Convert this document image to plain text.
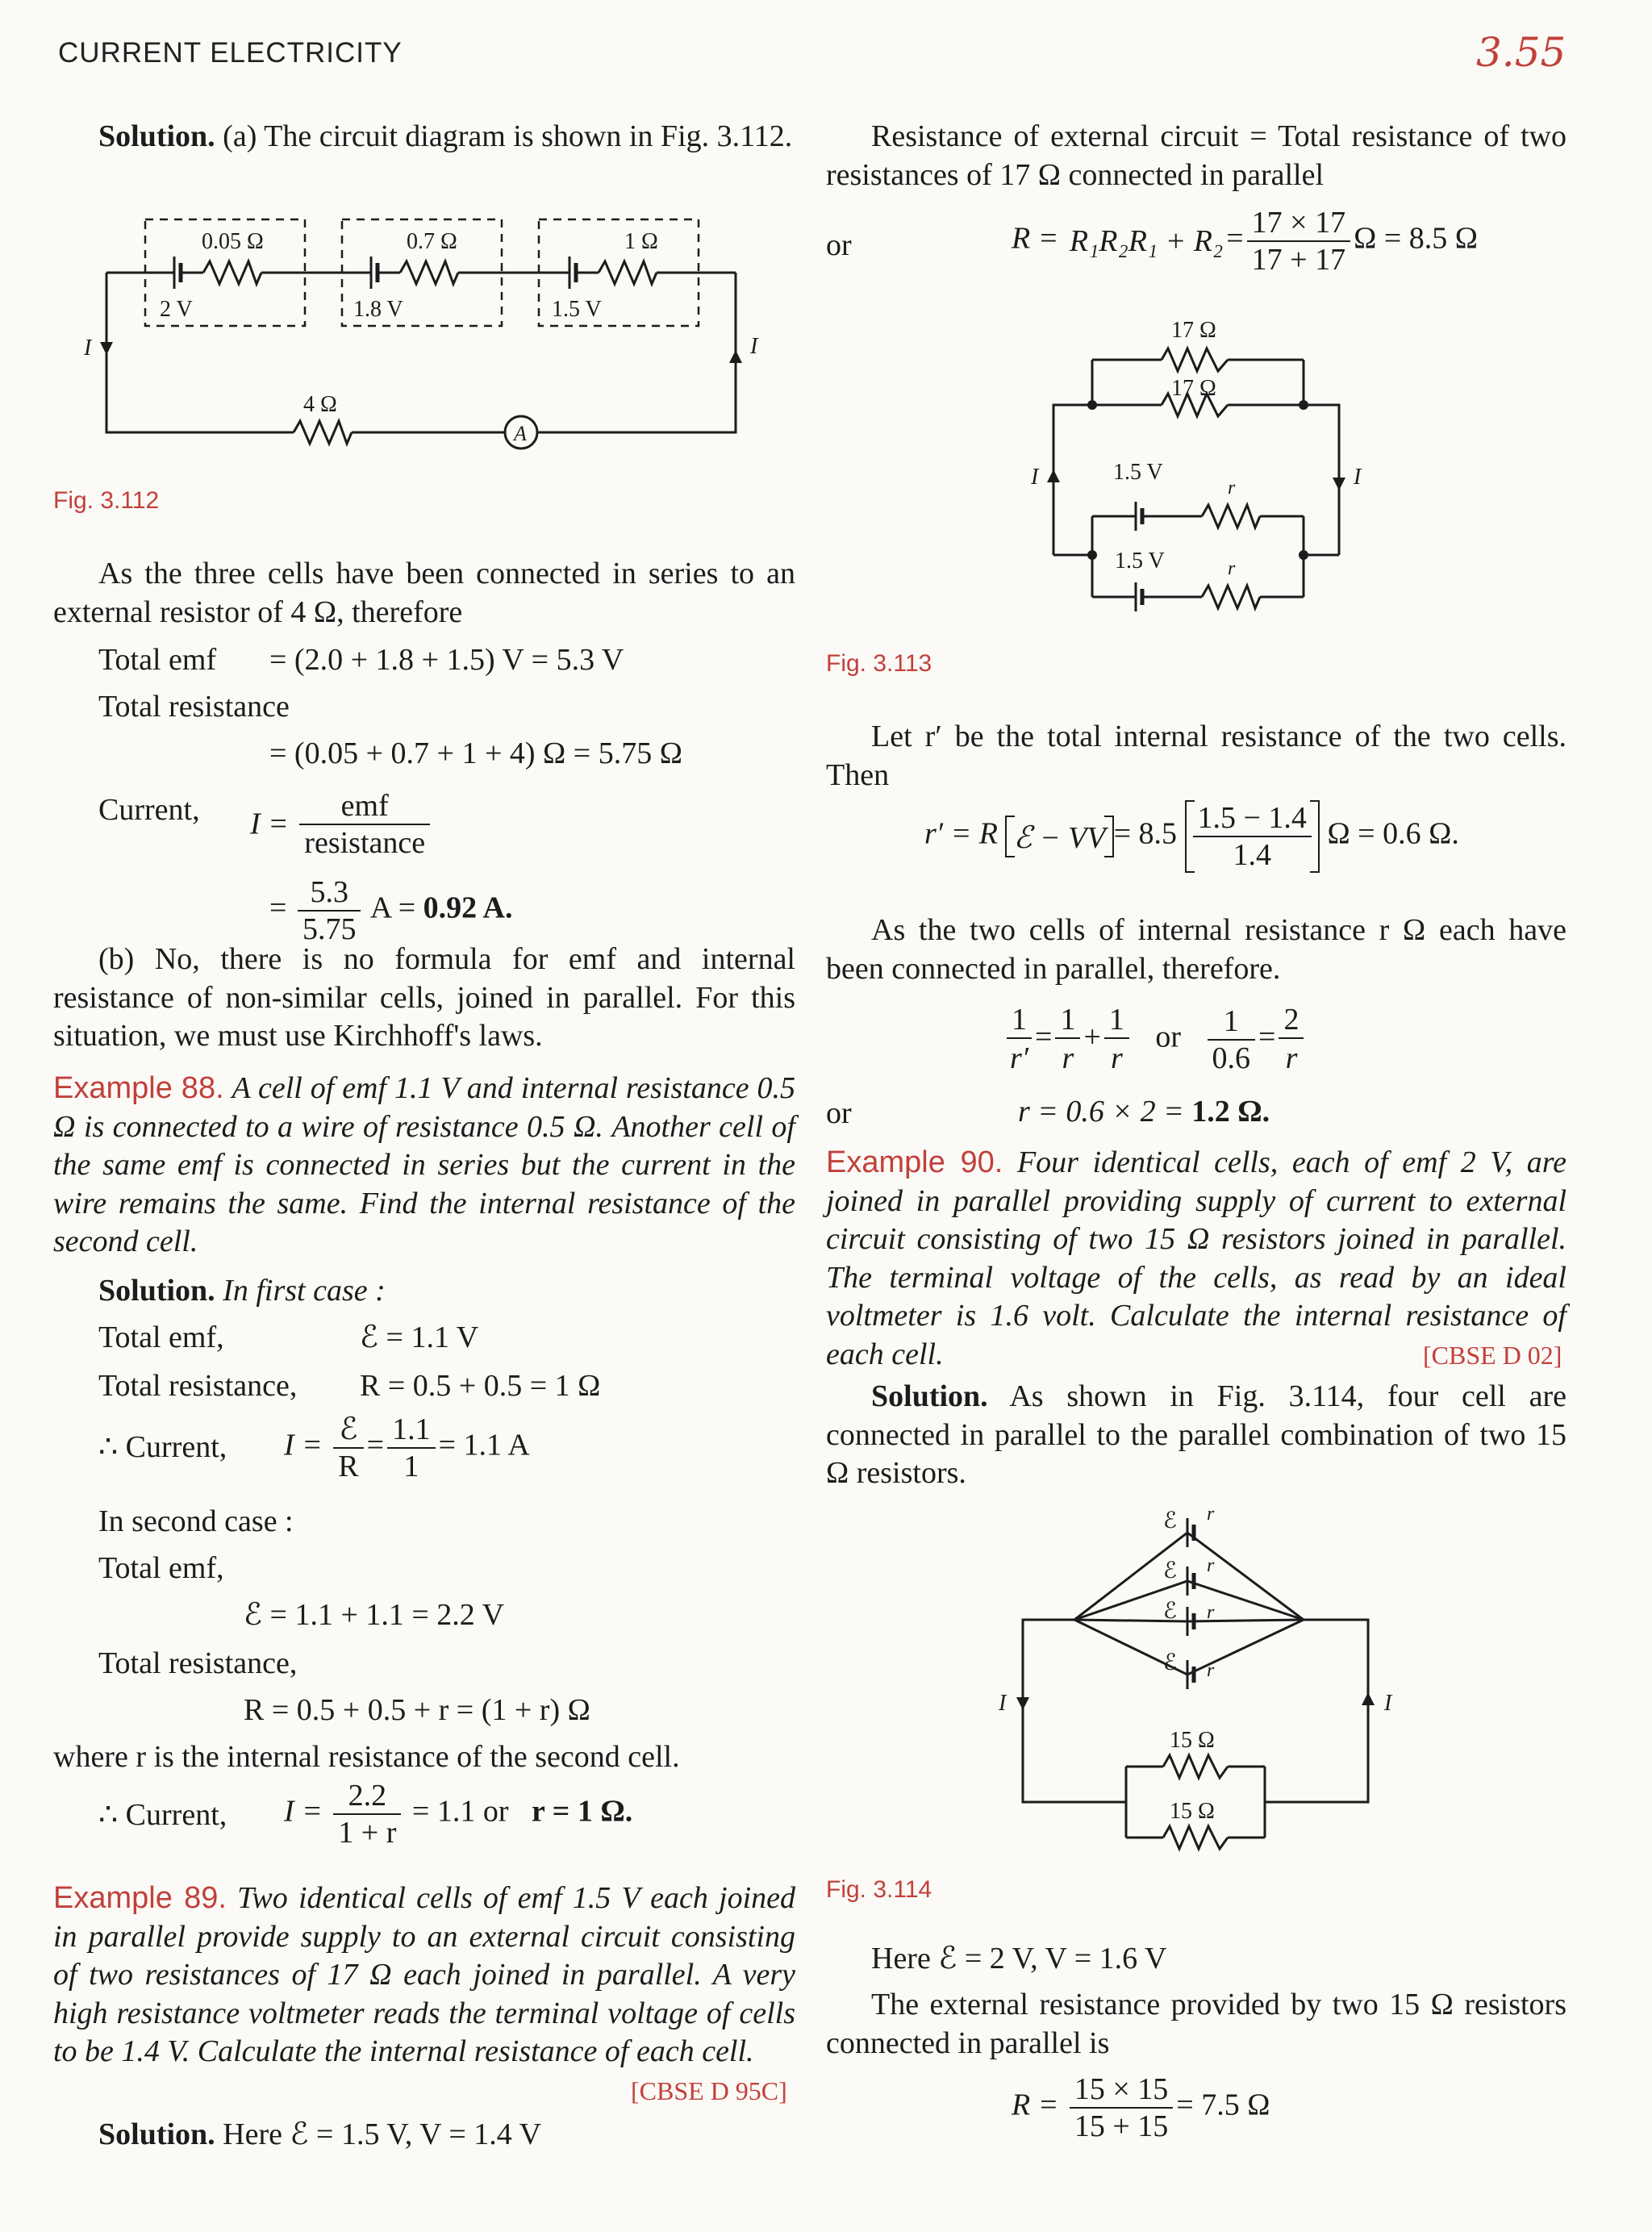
CURRENT ELECTRICITY	3.55
Solution. (a) The circuit diagram is shown in Fig. 3.112.
0.05 Ω	0.7 Ω	1 Ω
2 V	1.8 V	1.5 V
4 Ω
A
I	I
Fig. 3.112
As the three cells have been connected in series to an external resistor of 4 Ω, therefore
Total emf = (2.0 + 1.8 + 1.5) V = 5.3 V
Total resistance
= (0.05 + 0.7 + 1 + 4) Ω = 5.75 Ω
Current, $I = \frac{\text{emf}}{\text{resistance}}$
= $\frac{5.3}{5.75}$ A = 0.92 A.
(b) No, there is no formula for emf and internal resistance of non-similar cells, joined in parallel. For this situation, we must use Kirchhoff's laws.
Example 88. A cell of emf 1.1 V and internal resistance 0.5 Ω is connected to a wire of resistance 0.5 Ω. Another cell of the same emf is connected in series but the current in the wire remains the same. Find the internal resistance of the second cell.
Solution. In first case :
Total emf,	ℰ = 1.1 V
Total resistance, R = 0.5 + 0.5 = 1 Ω
∴ Current, $I = \frac{\text{ℰ}}{R} = \frac{1.1}{1} = 1.1$ A
In second case :
Total emf,
ℰ = 1.1 + 1.1 = 2.2 V
Total resistance,
R = 0.5 + 0.5 + r = (1 + r) Ω
where r is the internal resistance of the second cell.
∴ Current, $I = \frac{2.2}{1 + r} = 1.1$ or r = 1 Ω.
Example 89. Two identical cells of emf 1.5 V each joined in parallel provide supply to an external circuit consisting of two resistances of 17 Ω each joined in parallel. A very high resistance voltmeter reads the terminal voltage of cells to be 1.4 V. Calculate the internal resistance of each cell.
[CBSE D 95C]
Solution. Here ℰ = 1.5 V, V = 1.4 V
Resistance of external circuit = Total resistance of two resistances of 17 Ω connected in parallel
or	$R = R_1R_2R_1 + R_2 = \frac{17 \times 17}{17 + 17}$ Ω = 8.5 Ω
17 Ω
17 Ω
1.5 V
1.5 V
r
r
I	I
Fig. 3.113
Let r′ be the total internal resistance of the two cells. Then
r′ = R ℰ − VV = $8.5 \frac{1.5 - 1.4}{1.4}$ Ω = 0.6 Ω.
As the two cells of internal resistance r Ω each have been connected in parallel, therefore.
$\frac{1}{r'} = \frac{1}{r} + \frac{1}{r}$ or $\frac{1}{0.6} = \frac{2}{r}$
or	r = 0.6 × 2 = 1.2 Ω.
Example 90. Four identical cells, each of emf 2 V, are joined in parallel providing supply of current to external circuit consisting of two 15 Ω resistors joined in parallel. The terminal voltage of the cells, as read by an ideal voltmeter is 1.6 volt. Calculate the internal resistance of each cell.	[CBSE D 02]
Solution. As shown in Fig. 3.114, four cell are connected in parallel to the parallel combination of two 15 Ω resistors.
ℰ
ℰ
ℰ
ℰ
r
r
r
r
15 Ω
15 Ω
I	I
Fig. 3.114
Here ℰ = 2 V, V = 1.6 V
The external resistance provided by two 15 Ω resistors connected in parallel is
$R = \frac{15 \times 15}{15 + 15} = 7.5$ Ω
